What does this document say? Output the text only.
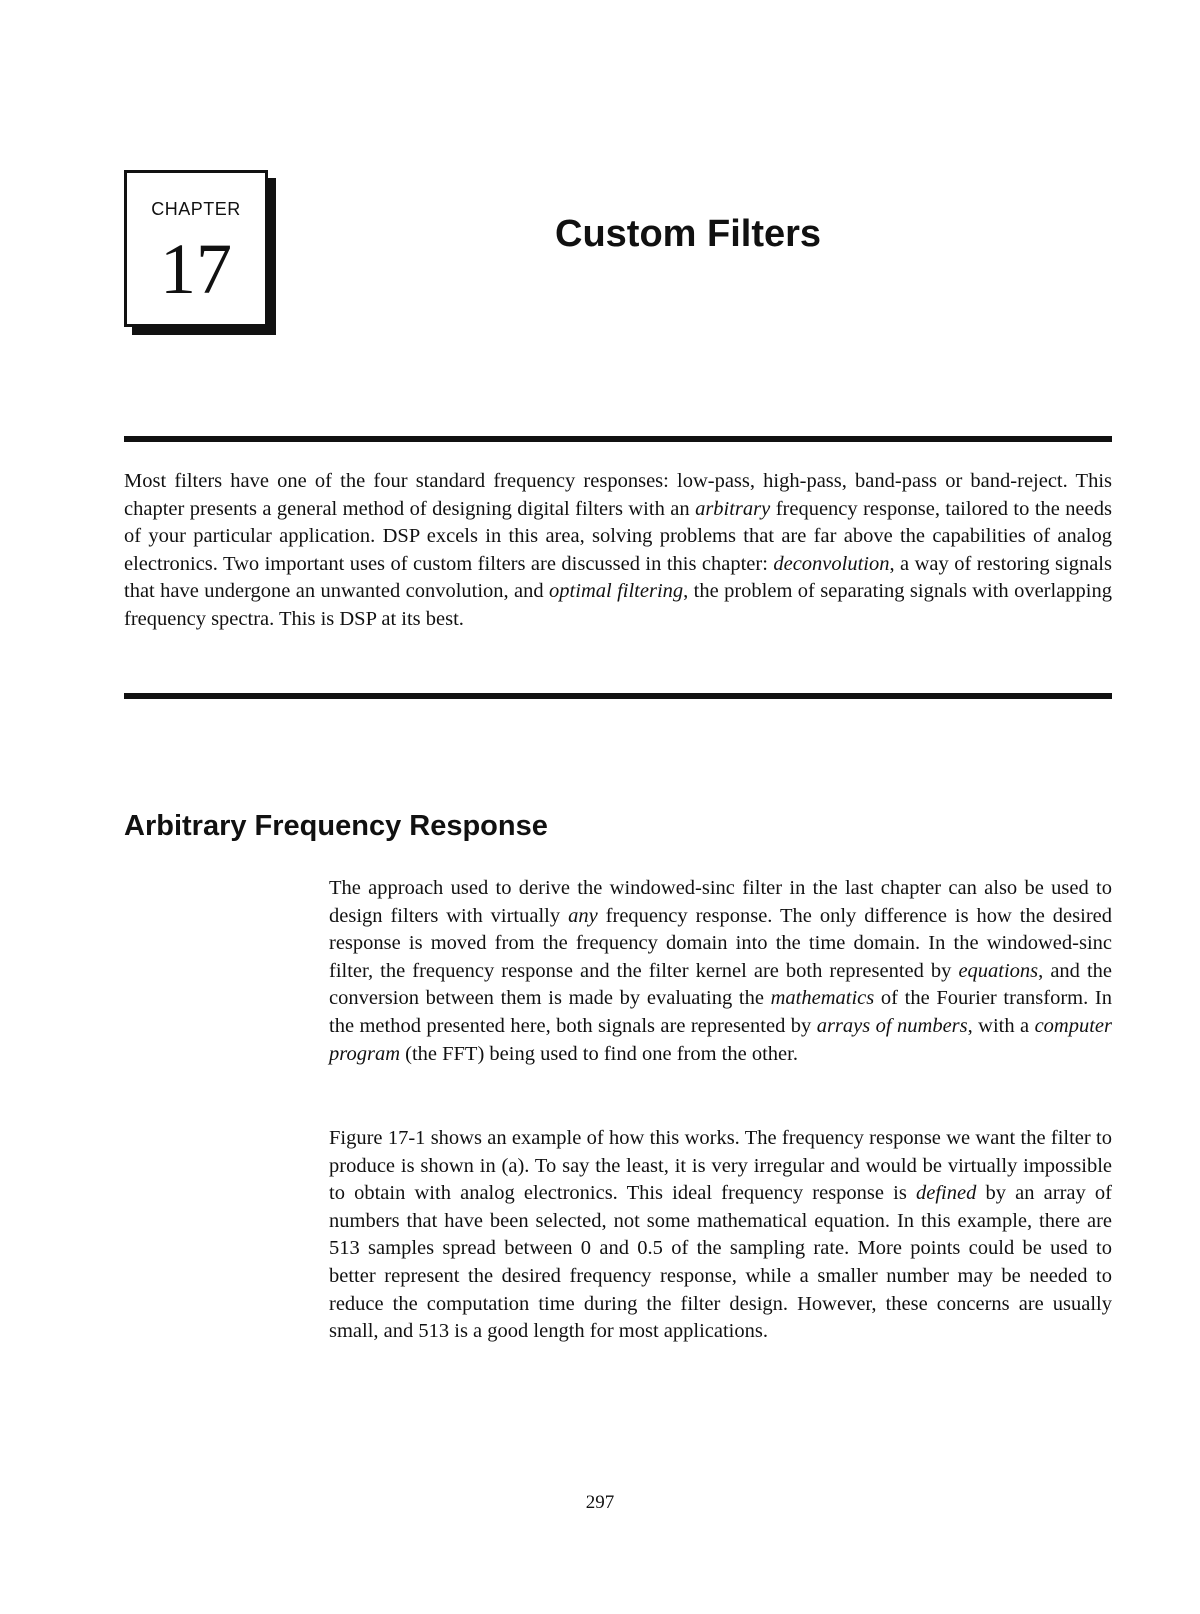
CHAPTER
17	Custom Filters

Most filters have one of the four standard frequency responses: low-pass, high-pass, band-pass or band-reject. This chapter presents a general method of designing digital filters with an arbitrary frequency response, tailored to the needs of your particular application. DSP excels in this area, solving problems that are far above the capabilities of analog electronics. Two important uses of custom filters are discussed in this chapter: deconvolution, a way of restoring signals that have undergone an unwanted convolution, and optimal filtering, the problem of separating signals with overlapping frequency spectra. This is DSP at its best.

Arbitrary Frequency Response

The approach used to derive the windowed-sinc filter in the last chapter can also be used to design filters with virtually any frequency response. The only difference is how the desired response is moved from the frequency domain into the time domain. In the windowed-sinc filter, the frequency response and the filter kernel are both represented by equations, and the conversion between them is made by evaluating the mathematics of the Fourier transform. In the method presented here, both signals are represented by arrays of numbers, with a computer program (the FFT) being used to find one from the other.

Figure 17-1 shows an example of how this works. The frequency response we want the filter to produce is shown in (a). To say the least, it is very irregular and would be virtually impossible to obtain with analog electronics. This ideal frequency response is defined by an array of numbers that have been selected, not some mathematical equation. In this example, there are 513 samples spread between 0 and 0.5 of the sampling rate. More points could be used to better represent the desired frequency response, while a smaller number may be needed to reduce the computation time during the filter design. However, these concerns are usually small, and 513 is a good length for most applications.

297
